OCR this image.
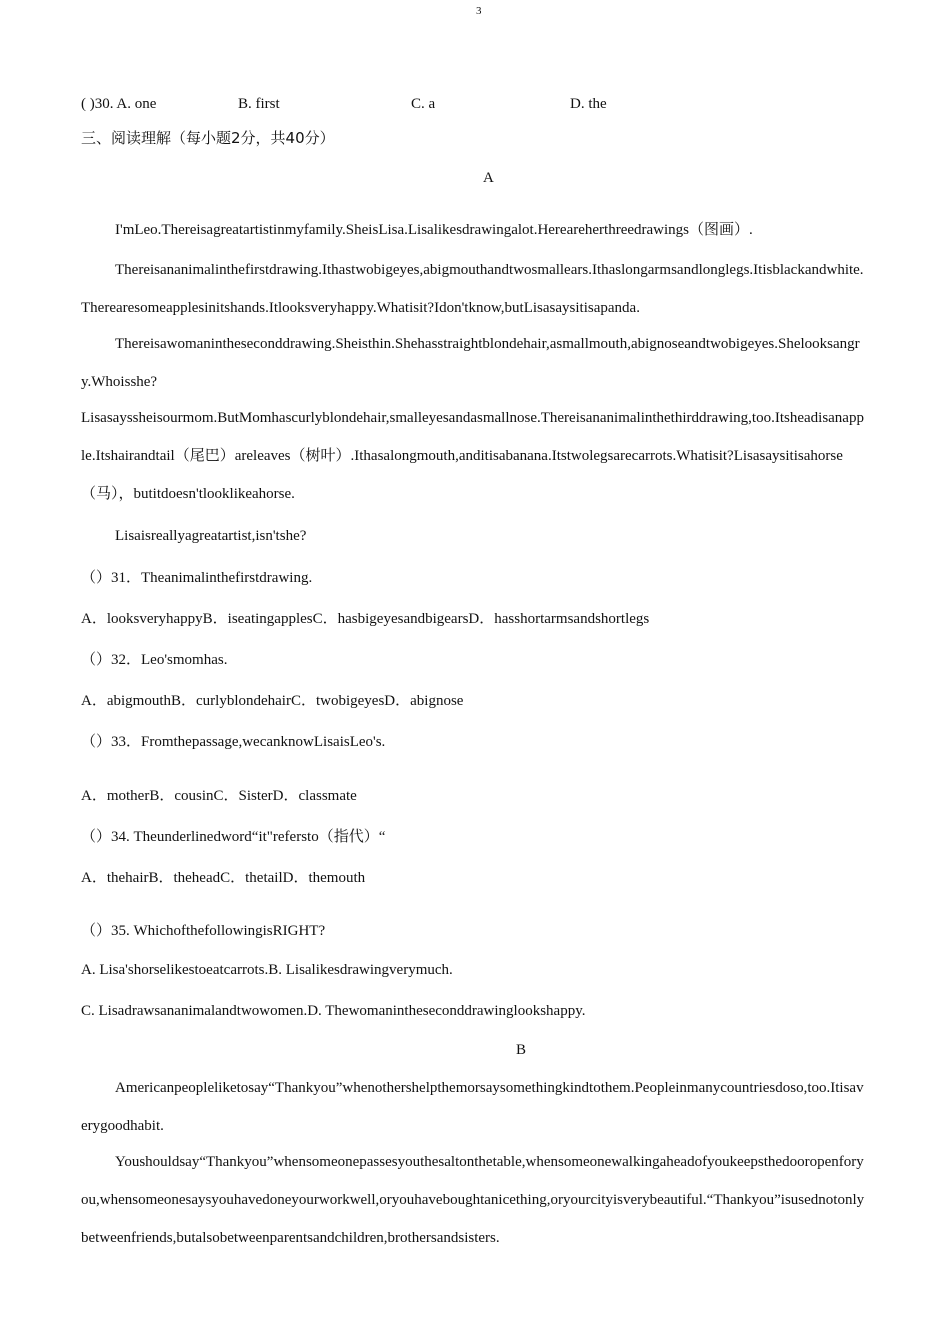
3
( )30. A. one	B. first	C. a	D. the
三、阅读理解（每小题2分，共40分）
A
I'mLeo.Thereisagreatartistinmyfamily.SheisLisa.Lisalikesdrawingalot.Hereareherthreedrawings（图画）.
Thereisananimalinthefirstdrawing.Ithastwobigeyes,abigmouthandtwosmallears.Ithaslongarmsandlonglegs.Itisblackandwhite.Therearesomeapplesinitshands.Itlooksveryhappy.Whatisit?Idon'tknow,butLisasaysitisapanda.
Thereisawomanintheseconddrawing.Sheisthin.Shehasstraightblondehair,asmallmouth,abignoseandtwobigeyes.Shelooksangry.Whoisshe?
Lisasayssheisourmom.ButMomhascurlyblondehair,smalleyesandasmallnose.Thereisananimalinthethirddrawing,too.Itsheadisanapple.Itshairandtail（尾巴）areleaves（树叶）.Ithasalongmouth,anditisabanana.Itstwolegsarecarrots.Whatisit?Lisasaysitisahorse（马），butitdoesn'tlooklikeahorse.
Lisaisreallyagreatartist,isn'tshe?
（）31．Theanimalinthefirstdrawing.
A．looksveryhappyB．iseatingapplesC．hasbigeyesandbigearsD．hasshortarmsandshortlegs
（）32．Leo'smomhas.
A．abigmouthB．curlyblondehairC．twobigeyesD．abignose
（）33．Fromthepassage,wecanknowLisaisLeo's.
A．motherB．cousinC．SisterD．classmate
（）34. Theunderlinedword“it"refersto（指代）“
A．thehairB．theheadC．thetailD．themouth
（）35. WhichofthefollowingisRIGHT?
A. Lisa'shorselikestoeatcarrots.B. Lisalikesdrawingverymuch.
C. Lisadrawsananimalandtwowomen.D. Thewomanintheseconddrawinglookshappy.
B
Americanpeopleliketosay“Thankyou”whenothershelpthemorsaysomethingkindtothem.Peopleinmanycountriesdoso,too.Itisaverygoodhabit.
Youshouldsay“Thankyou”whensomeonepassesyouthesaltonthetable,whensomeonewalkingaheadofyoukeepsthedooropenforyou,whensomeonesaysyouhavedoneyourworkwell,oryouhaveboughtanicething,oryourcityisverybeautiful.“Thankyou”isusednotonlybetweenfriends,butalsobetweenparentsandchildren,brothersandsisters.
